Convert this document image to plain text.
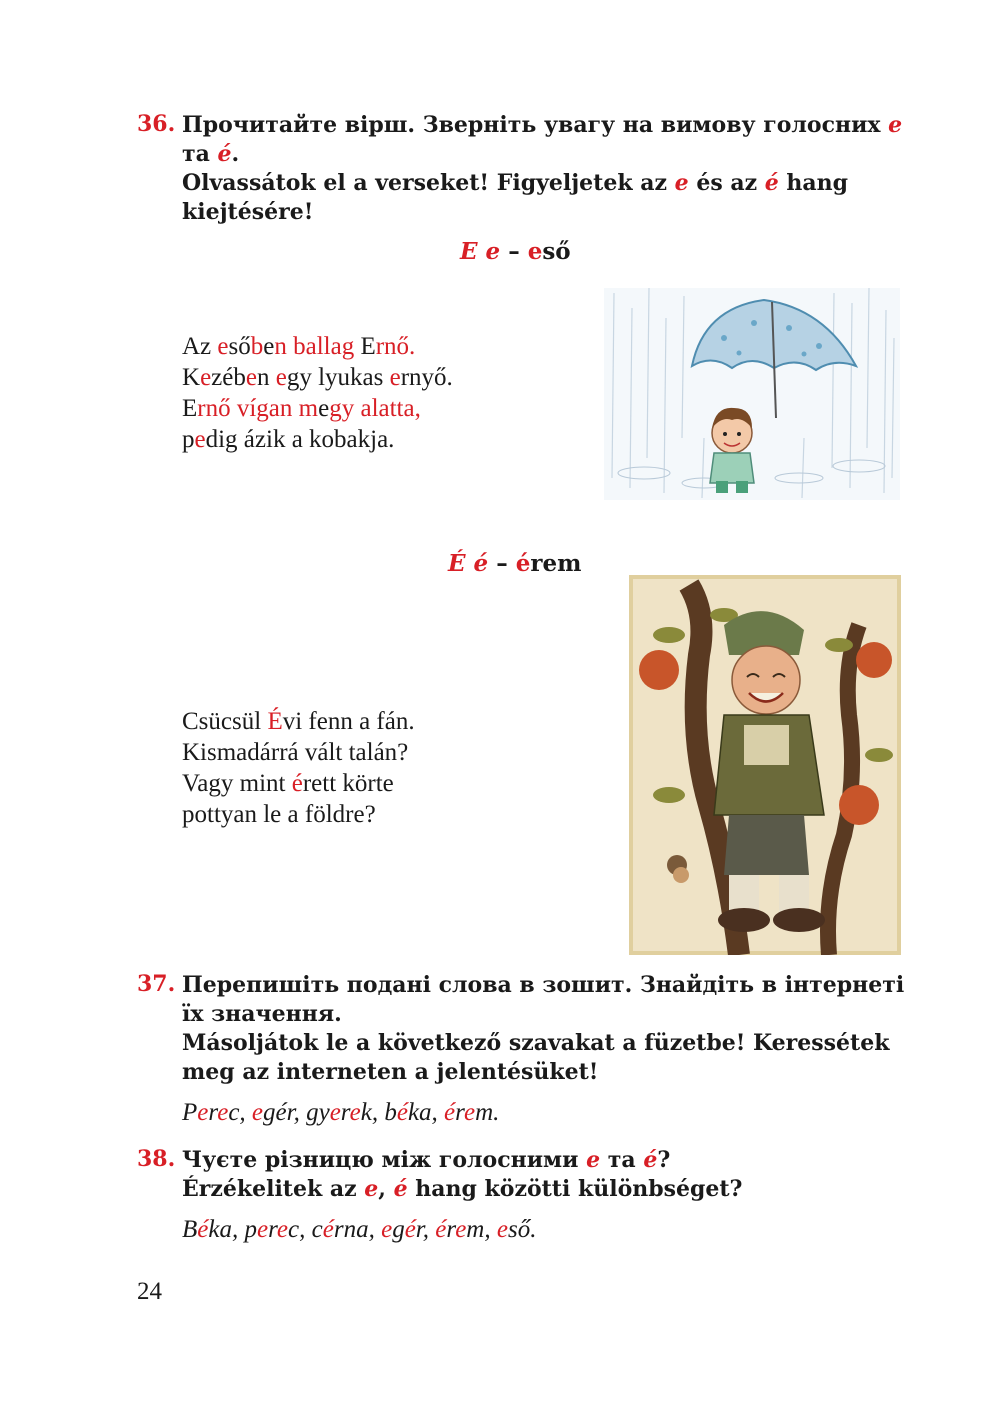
36. Прочитайте вірш. Зверніть увагу на вимову голосних е та é.

Olvassátok el a verseket! Figyeljetek az e és az é hang kiejtésére!

E e – eső

Az esőben ballag Ernő.

Kezében egy lyukas ernyő.

Ernő vígan megy alatta,

pedig ázik a kobakja.

É é – érem

Csücsül Évi fenn a fán.

Kismadárrá vált talán?

Vagy mint érett körte

pottyan le a földre?

37. Перепишіть подані слова в зошит. Знайдіть в інтернеті їх значення.

Másoljátok le a következő szavakat a füzetbe! Keressétek meg az interneten a jelentésüket!

Perec, egér, gyerek, béka, érem.
38. Чуєте різницю між голосними е та é?

Érzékelitek az e, é hang közötti különbséget?

Béka, perec, cérna, egér, érem, eső.
24
